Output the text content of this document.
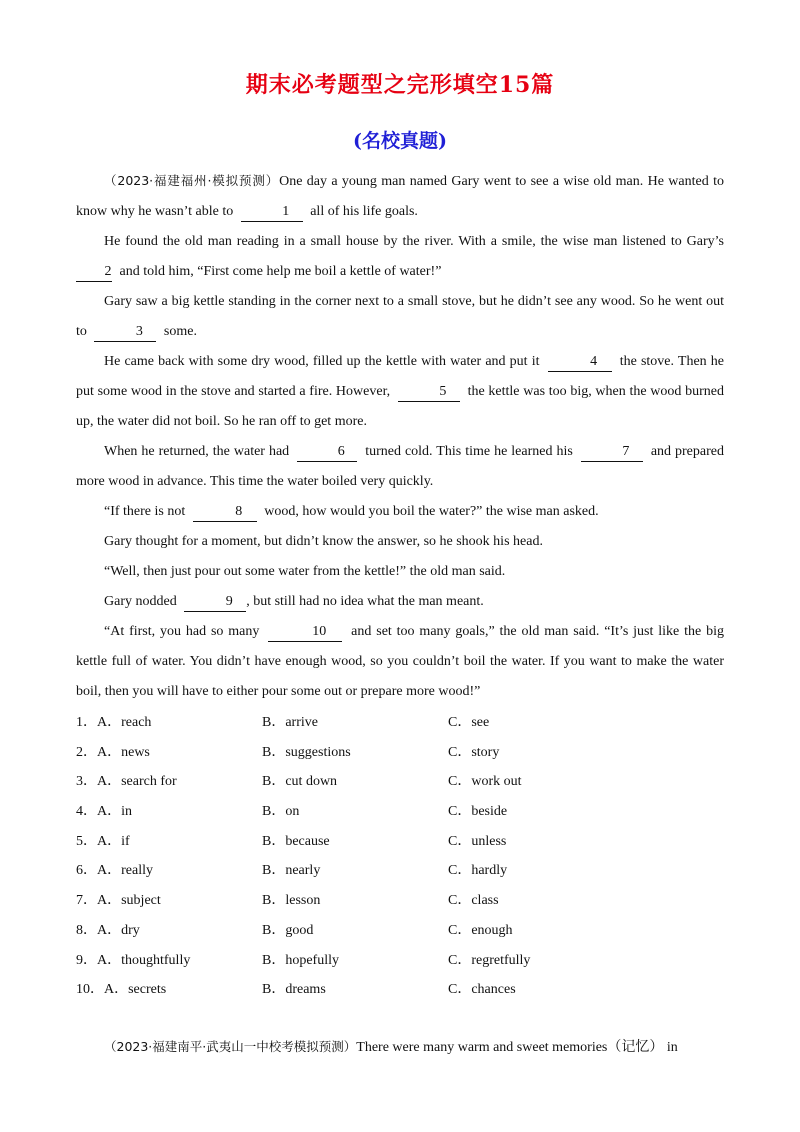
期末必考题型之完形填空15篇
(名校真题)

（2023·福建福州·模拟预测）One day a young man named Gary went to see a wise old man. He wanted to know why he wasn’t able to	1 all of his life goals.

He found the old man reading in a small house by the river. With a smile, the wise man listened to Gary’s 2 and told him, “First come help me boil a kettle of water!”

Gary saw a big kettle standing in the corner next to a small stove, but he didn’t see any wood. So he went out to	3 some.

He came back with some dry wood, filled up the kettle with water and put it	4 the stove. Then he put some wood in the stove and started a fire. However,	5 the kettle was too big, when the wood burned up, the water did not boil. So he ran off to get more.

When he returned, the water had	6 turned cold. This time he learned his	7 and prepared more wood in advance. This time the water boiled very quickly.

“If there is not	8 wood, how would you boil the water?” the wise man asked.

Gary thought for a moment, but didn’t know the answer, so he shook his head.

“Well, then just pour out some water from the kettle!” the old man said.

Gary nodded	9 , but still had no idea what the man meant.

“At first, you had so many	10 and set too many goals,” the old man said. “It’s just like the big kettle full of water. You didn’t have enough wood, so you couldn’t boil the water. If you want to make the water boil, then you will have to either pour some out or prepare more wood!”

1．A．reach	B．arrive	C．see
2．A．news	B．suggestions	C．story
3．A．search for	B．cut down	C．work out
4．A．in	B．on	C．beside
5．A．if	B．because	C．unless
6．A．really	B．nearly	C．hardly
7．A．subject	B．lesson	C．class
8．A．dry	B．good	C．enough
9．A．thoughtfully	B．hopefully	C．regretfully
10．A．secrets	B．dreams	C．chances

（2023·福建南平·武夷山一中校考模拟预测）There were many warm and sweet memories（记忆） in
